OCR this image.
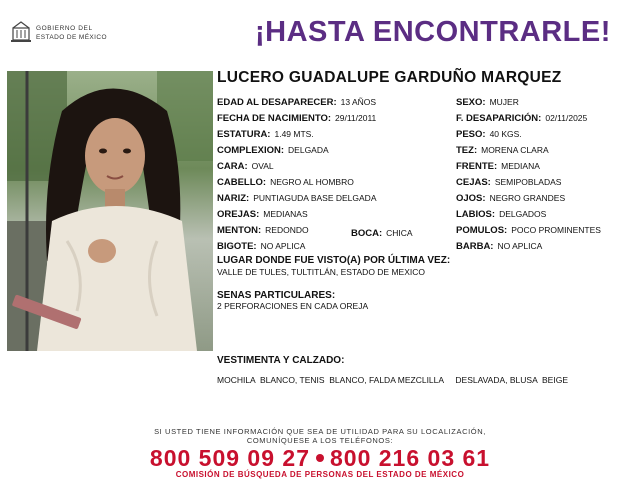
GOBIERNO DEL
ESTADO DE MÉXICO	¡HASTA ENCONTRARLE!
LUCERO GUADALUPE GARDUÑO MARQUEZ
EDAD AL DESAPARECER: 13 AÑOS
FECHA DE NACIMIENTO: 29/11/2011
ESTATURA: 1.49 MTS.
COMPLEXION: DELGADA
CARA: OVAL
CABELLO: NEGRO AL HOMBRO
NARIZ: PUNTIAGUDA BASE DELGADA
OREJAS: MEDIANAS
MENTON: REDONDO
BIGOTE: NO APLICA
BOCA: CHICA
SEXO: MUJER
F. DESAPARICIÓN: 02/11/2025
PESO: 40 KGS.
TEZ: MORENA CLARA
FRENTE: MEDIANA
CEJAS: SEMIPOBLADAS
OJOS: NEGRO GRANDES
LABIOS: DELGADOS
POMULOS: POCO PROMINENTES
BARBA: NO APLICA
LUGAR DONDE FUE VISTO(A) POR ÚLTIMA VEZ:
VALLE DE TULES, TULTITLÁN, ESTADO DE MEXICO
SENAS PARTICULARES:
2 PERFORACIONES EN CADA OREJA
VESTIMENTA Y CALZADO:
MOCHILA  BLANCO, TENIS  BLANCO, FALDA MEZCLILLA     DESLAVADA, BLUSA  BEIGE
SI USTED TIENE INFORMACIÓN QUE SEA DE UTILIDAD PARA SU LOCALIZACIÓN,
COMUNÍQUESE A LOS TELÉFONOS:
800 509 09 27 800 216 03 61
COMISIÓN DE BÚSQUEDA DE PERSONAS DEL ESTADO DE MÉXICO
